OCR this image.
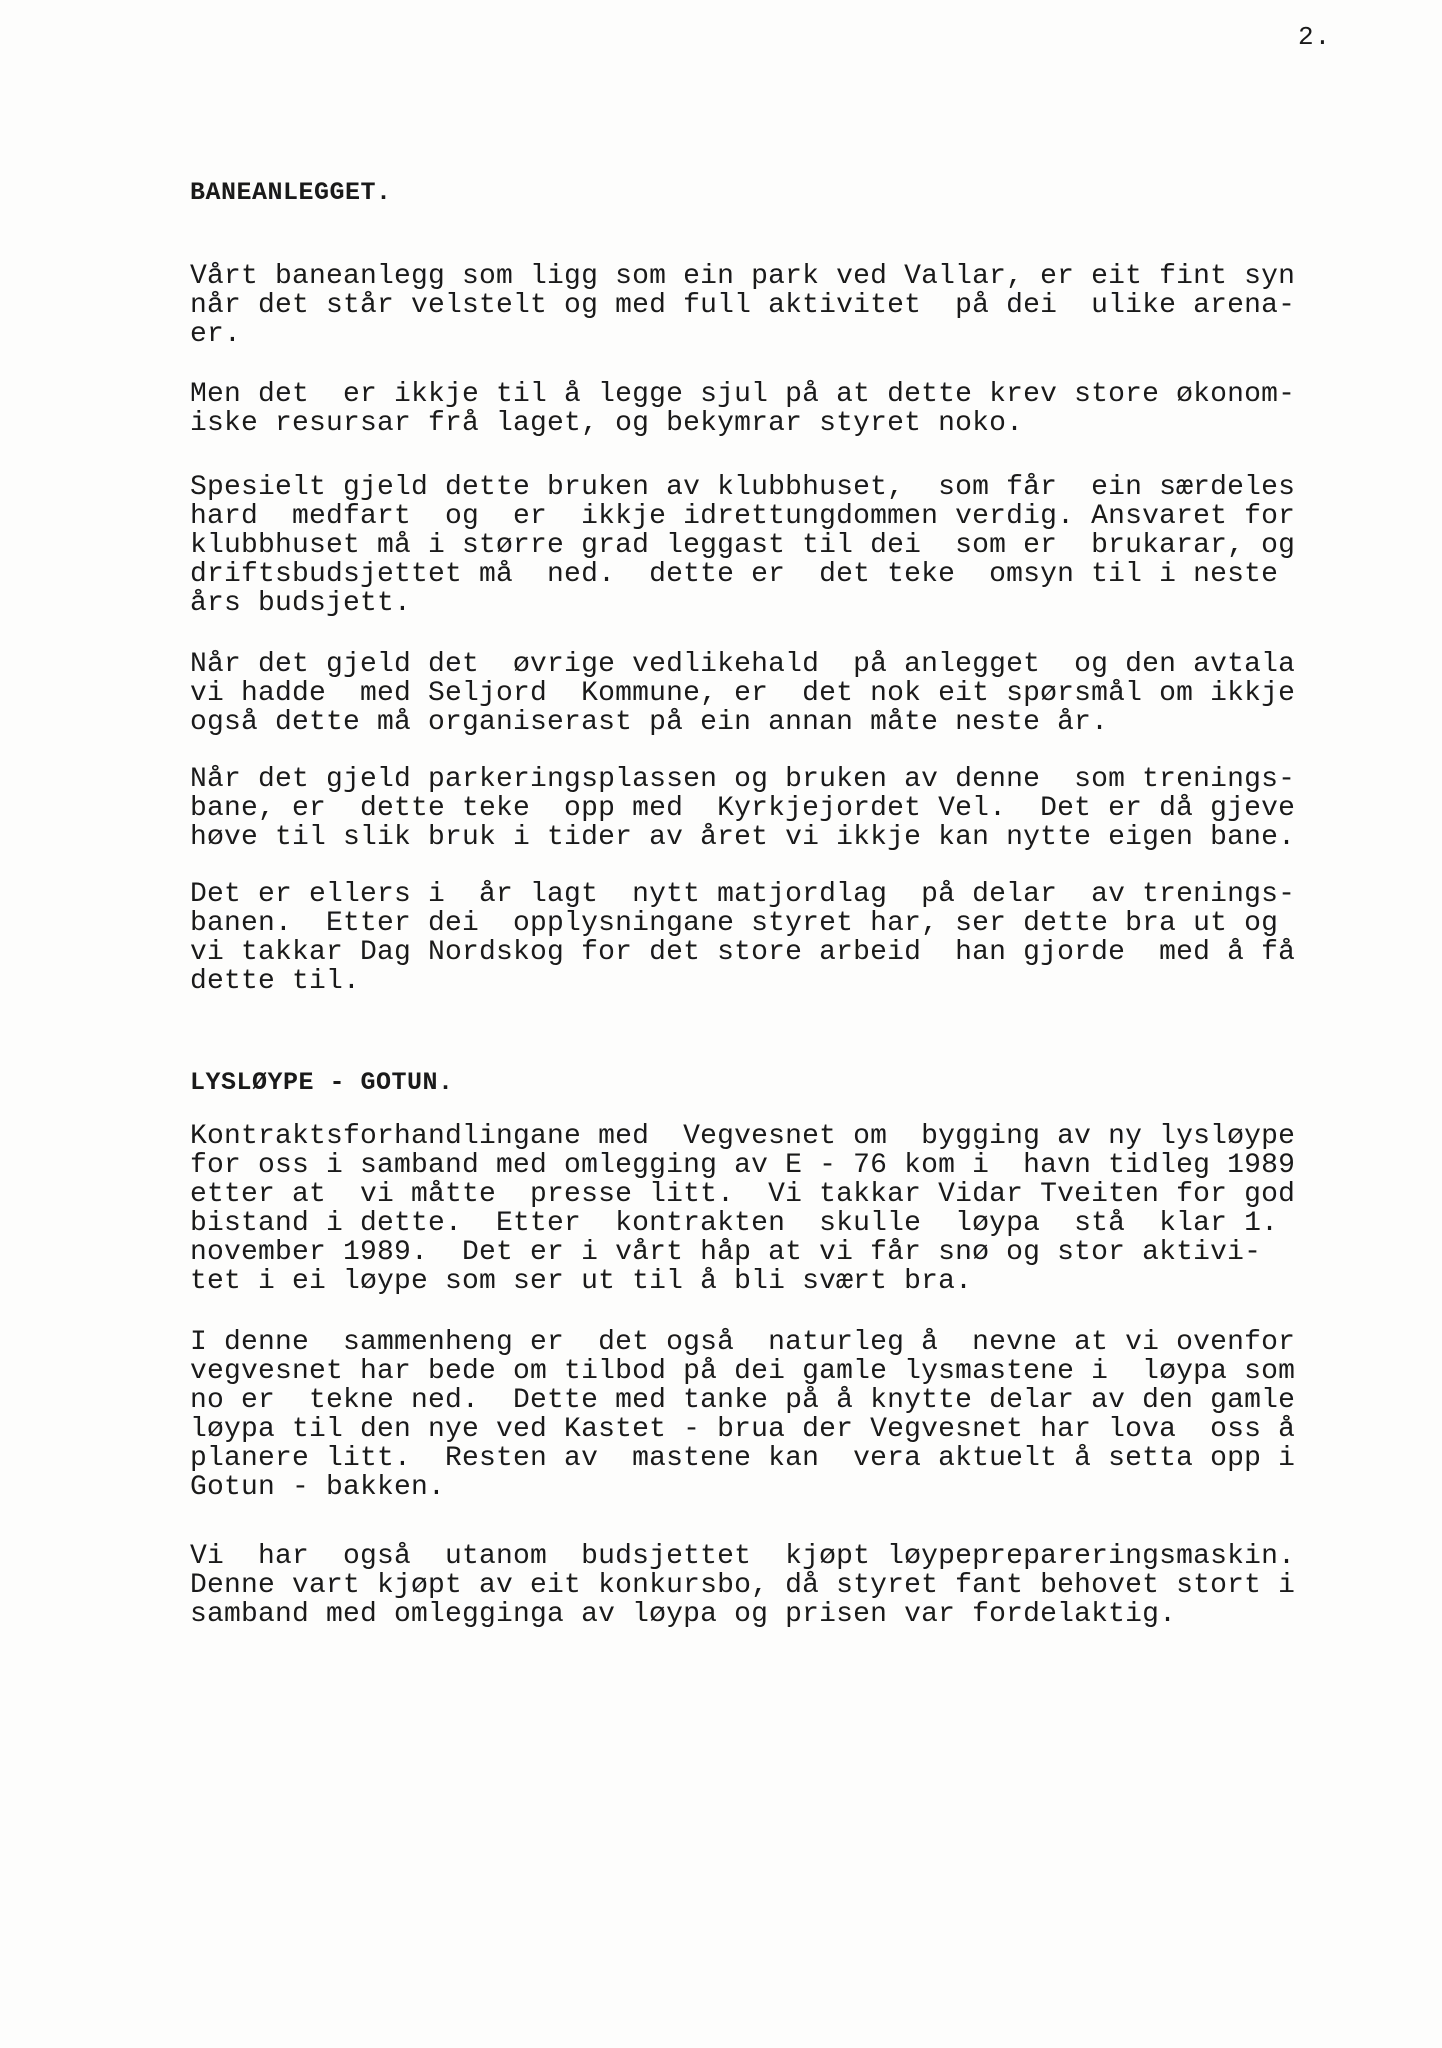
2.
BANEANLEGGET.
Vårt baneanlegg som ligg som ein park ved Vallar, er eit fint syn
når det står velstelt og med full aktivitet  på dei  ulike arena-
er.
Men det  er ikkje til å legge sjul på at dette krev store økonom-
iske resursar frå laget, og bekymrar styret noko.
Spesielt gjeld dette bruken av klubbhuset,  som får  ein særdeles
hard  medfart  og  er  ikkje idrettungdommen verdig. Ansvaret for
klubbhuset må i større grad leggast til dei  som er  brukarar, og
driftsbudsjettet må  ned.  dette er  det teke  omsyn til i neste
års budsjett.
Når det gjeld det  øvrige vedlikehald  på anlegget  og den avtala
vi hadde  med Seljord  Kommune, er  det nok eit spørsmål om ikkje
også dette må organiserast på ein annan måte neste år.
Når det gjeld parkeringsplassen og bruken av denne  som trenings-
bane, er  dette teke  opp med  Kyrkjejordet Vel.  Det er då gjeve
høve til slik bruk i tider av året vi ikkje kan nytte eigen bane.
Det er ellers i  år lagt  nytt matjordlag  på delar  av trenings-
banen.  Etter dei  opplysningane styret har, ser dette bra ut og
vi takkar Dag Nordskog for det store arbeid  han gjorde  med å få
dette til.
LYSLØYPE - GOTUN.
Kontraktsforhandlingane med  Vegvesnet om  bygging av ny lysløype
for oss i samband med omlegging av E - 76 kom i  havn tidleg 1989
etter at  vi måtte  presse litt.  Vi takkar Vidar Tveiten for god
bistand i dette.  Etter  kontrakten  skulle  løypa  stå  klar 1.
november 1989.  Det er i vårt håp at vi får snø og stor aktivi-
tet i ei løype som ser ut til å bli svært bra.
I denne  sammenheng er  det også  naturleg å  nevne at vi ovenfor
vegvesnet har bede om tilbod på dei gamle lysmastene i  løypa som
no er  tekne ned.  Dette med tanke på å knytte delar av den gamle
løypa til den nye ved Kastet - brua der Vegvesnet har lova  oss å
planere litt.  Resten av  mastene kan  vera aktuelt å setta opp i
Gotun - bakken.
Vi  har  også  utanom  budsjettet  kjøpt løypeprepareringsmaskin.
Denne vart kjøpt av eit konkursbo, då styret fant behovet stort i
samband med omlegginga av løypa og prisen var fordelaktig.
